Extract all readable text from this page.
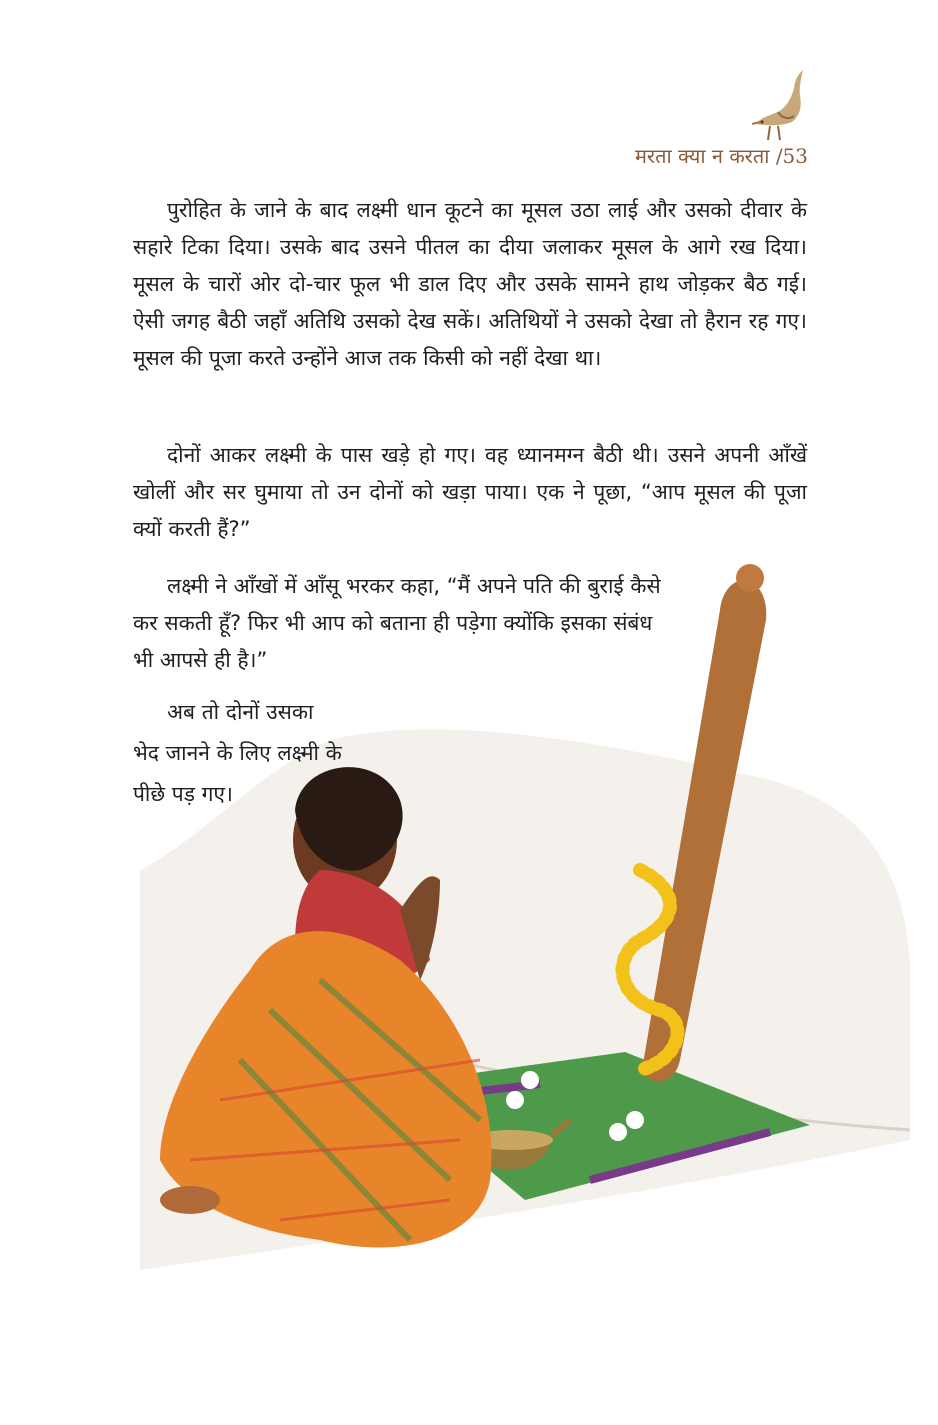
मरता क्या न करता /53

पुरोहित के जाने के बाद लक्ष्मी धान कूटने का मूसल उठा लाई और उसको दीवार के सहारे टिका दिया। उसके बाद उसने पीतल का दीया जलाकर मूसल के आगे रख दिया। मूसल के चारों ओर दो-चार फूल भी डाल दिए और उसके सामने हाथ जोड़कर बैठ गई। ऐसी जगह बैठी जहाँ अतिथि उसको देख सकें। अतिथियों ने उसको देखा तो हैरान रह गए। मूसल की पूजा करते उन्होंने आज तक किसी को नहीं देखा था।

दोनों आकर लक्ष्मी के पास खड़े हो गए। वह ध्यानमग्न बैठी थी। उसने अपनी आँखें खोलीं और सर घुमाया तो उन दोनों को खड़ा पाया। एक ने पूछा, “आप मूसल की पूजा क्यों करती हैं?”

लक्ष्मी ने आँखों में आँसू भरकर कहा, “मैं अपने पति की बुराई कैसे कर सकती हूँ? फिर भी आप को बताना ही पड़ेगा क्योंकि इसका संबंध भी आपसे ही है।”

अब तो दोनों उसका भेद जानने के लिए लक्ष्मी के पीछे पड़ गए।
